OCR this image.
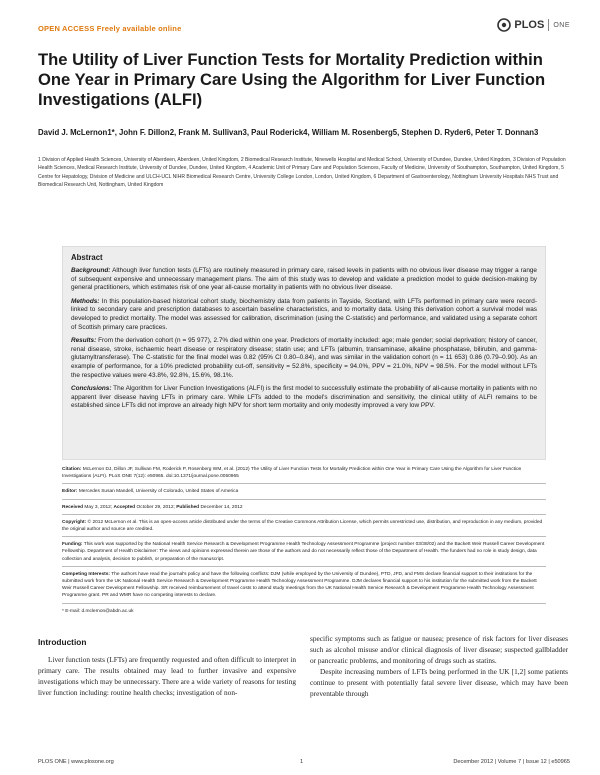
OPEN ACCESS Freely available online	PLOS ONE
The Utility of Liver Function Tests for Mortality Prediction within One Year in Primary Care Using the Algorithm for Liver Function Investigations (ALFI)
David J. McLernon1*, John F. Dillon2, Frank M. Sullivan3, Paul Roderick4, William M. Rosenberg5, Stephen D. Ryder6, Peter T. Donnan3
1 Division of Applied Health Sciences, University of Aberdeen, Aberdeen, United Kingdom, 2 Biomedical Research Institute, Ninewells Hospital and Medical School, University of Dundee, Dundee, United Kingdom, 3 Division of Population Health Sciences, Medical Research Institute, University of Dundee, Dundee, United Kingdom, 4 Academic Unit of Primary Care and Population Sciences, Faculty of Medicine, University of Southampton, Southampton, United Kingdom, 5 Centre for Hepatology, Division of Medicine and ULCH-UCL NIHR Biomedical Research Centre, University College London, London, United Kingdom, 6 Department of Gastroenterology, Nottingham University Hospitals NHS Trust and Biomedical Research Unit, Nottingham, United Kingdom
Abstract

Background: Although liver function tests (LFTs) are routinely measured in primary care, raised levels in patients with no obvious liver disease may trigger a range of subsequent expensive and unnecessary management plans. The aim of this study was to develop and validate a prediction model to guide decision-making by general practitioners, which estimates risk of one year all-cause mortality in patients with no obvious liver disease.

Methods: In this population-based historical cohort study, biochemistry data from patients in Tayside, Scotland, with LFTs performed in primary care were record-linked to secondary care and prescription databases to ascertain baseline characteristics, and to mortality data. Using this derivation cohort a survival model was developed to predict mortality. The model was assessed for calibration, discrimination (using the C-statistic) and performance, and validated using a separate cohort of Scottish primary care practices.

Results: From the derivation cohort (n = 95 977), 2.7% died within one year. Predictors of mortality included: age; male gender; social deprivation; history of cancer, renal disease, stroke, ischaemic heart disease or respiratory disease; statin use; and LFTs (albumin, transaminase, alkaline phosphatase, bilirubin, and gamma-glutamyltransferase). The C-statistic for the final model was 0.82 (95% CI 0.80–0.84), and was similar in the validation cohort (n = 11 653) 0.86 (0.79–0.90). As an example of performance, for a 10% predicted probability cut-off, sensitivity = 52.8%, specificity = 94.0%, PPV = 21.0%, NPV = 98.5%. For the model without LFTs the respective values were 43.8%, 92.8%, 15.6%, 98.1%.

Conclusions: The Algorithm for Liver Function Investigations (ALFI) is the first model to successfully estimate the probability of all-cause mortality in patients with no apparent liver disease having LFTs in primary care. While LFTs added to the model's discrimination and sensitivity, the clinical utility of ALFI remains to be established since LFTs did not improve an already high NPV for short term mortality and only modestly improved a very low PPV.

Citation: McLernon DJ, Dillon JF, Sullivan FM, Roderick P, Rosenberg WM, et al. (2012) The Utility of Liver Function Tests for Mortality Prediction within One Year in Primary Care Using the Algorithm for Liver Function Investigations (ALFI). PLoS ONE 7(12): e50965. doi:10.1371/journal.pone.0050965
Editor: Mercedes Susan Mandell, University of Colorado, United States of America
Received May 3, 2012; Accepted October 29, 2012; Published December 14, 2012
Copyright: © 2012 McLernon et al. This is an open-access article distributed under the terms of the Creative Commons Attribution License, which permits unrestricted use, distribution, and reproduction in any medium, provided the original author and source are credited.
Funding: This work was supported by the National Health Service Research & Development Programme Health Technology Assessment Programme (project number 03/38/02) and the Backett Weir Russell Career Development Fellowship. Department of Health Disclaimer: The views and opinions expressed therein are those of the authors and do not necessarily reflect those of the Department of Health. The funders had no role in study design, data collection and analysis, decision to publish, or preparation of the manuscript.
Competing Interests: The authors have read the journal's policy and have the following conflicts: DJM (while employed by the University of Dundee), PTD, JFD, and FMS declare financial support to their institutions for the submitted work from the UK National Health Service Research & Development Programme Health Technology Assessment Programme. DJM declares financial support to his institution for the submitted work from the Backett Weir Russell Career Development Fellowship. SR received reimbursement of travel costs to attend study meetings from the UK National Health Service Research & Development Programme Health Technology Assessment Programme grant. PR and WMR have no competing interests to declare.
* E-mail: d.mclernon@abdn.ac.uk
Introduction

Liver function tests (LFTs) are frequently requested and often difficult to interpret in primary care. The results obtained may lead to further invasive and expensive investigations which may be unnecessary. There are a wide variety of reasons for testing liver function including: routine health checks; investigation of non-

specific symptoms such as fatigue or nausea; presence of risk factors for liver diseases such as alcohol misuse and/or clinical diagnosis of liver disease; suspected gallbladder or pancreatic problems, and monitoring of drugs such as statins.

Despite increasing numbers of LFTs being performed in the UK [1,2] some patients continue to present with potentially fatal severe liver disease, which may have been preventable through

PLOS ONE | www.plosone.org	1	December 2012 | Volume 7 | Issue 12 | e50965
